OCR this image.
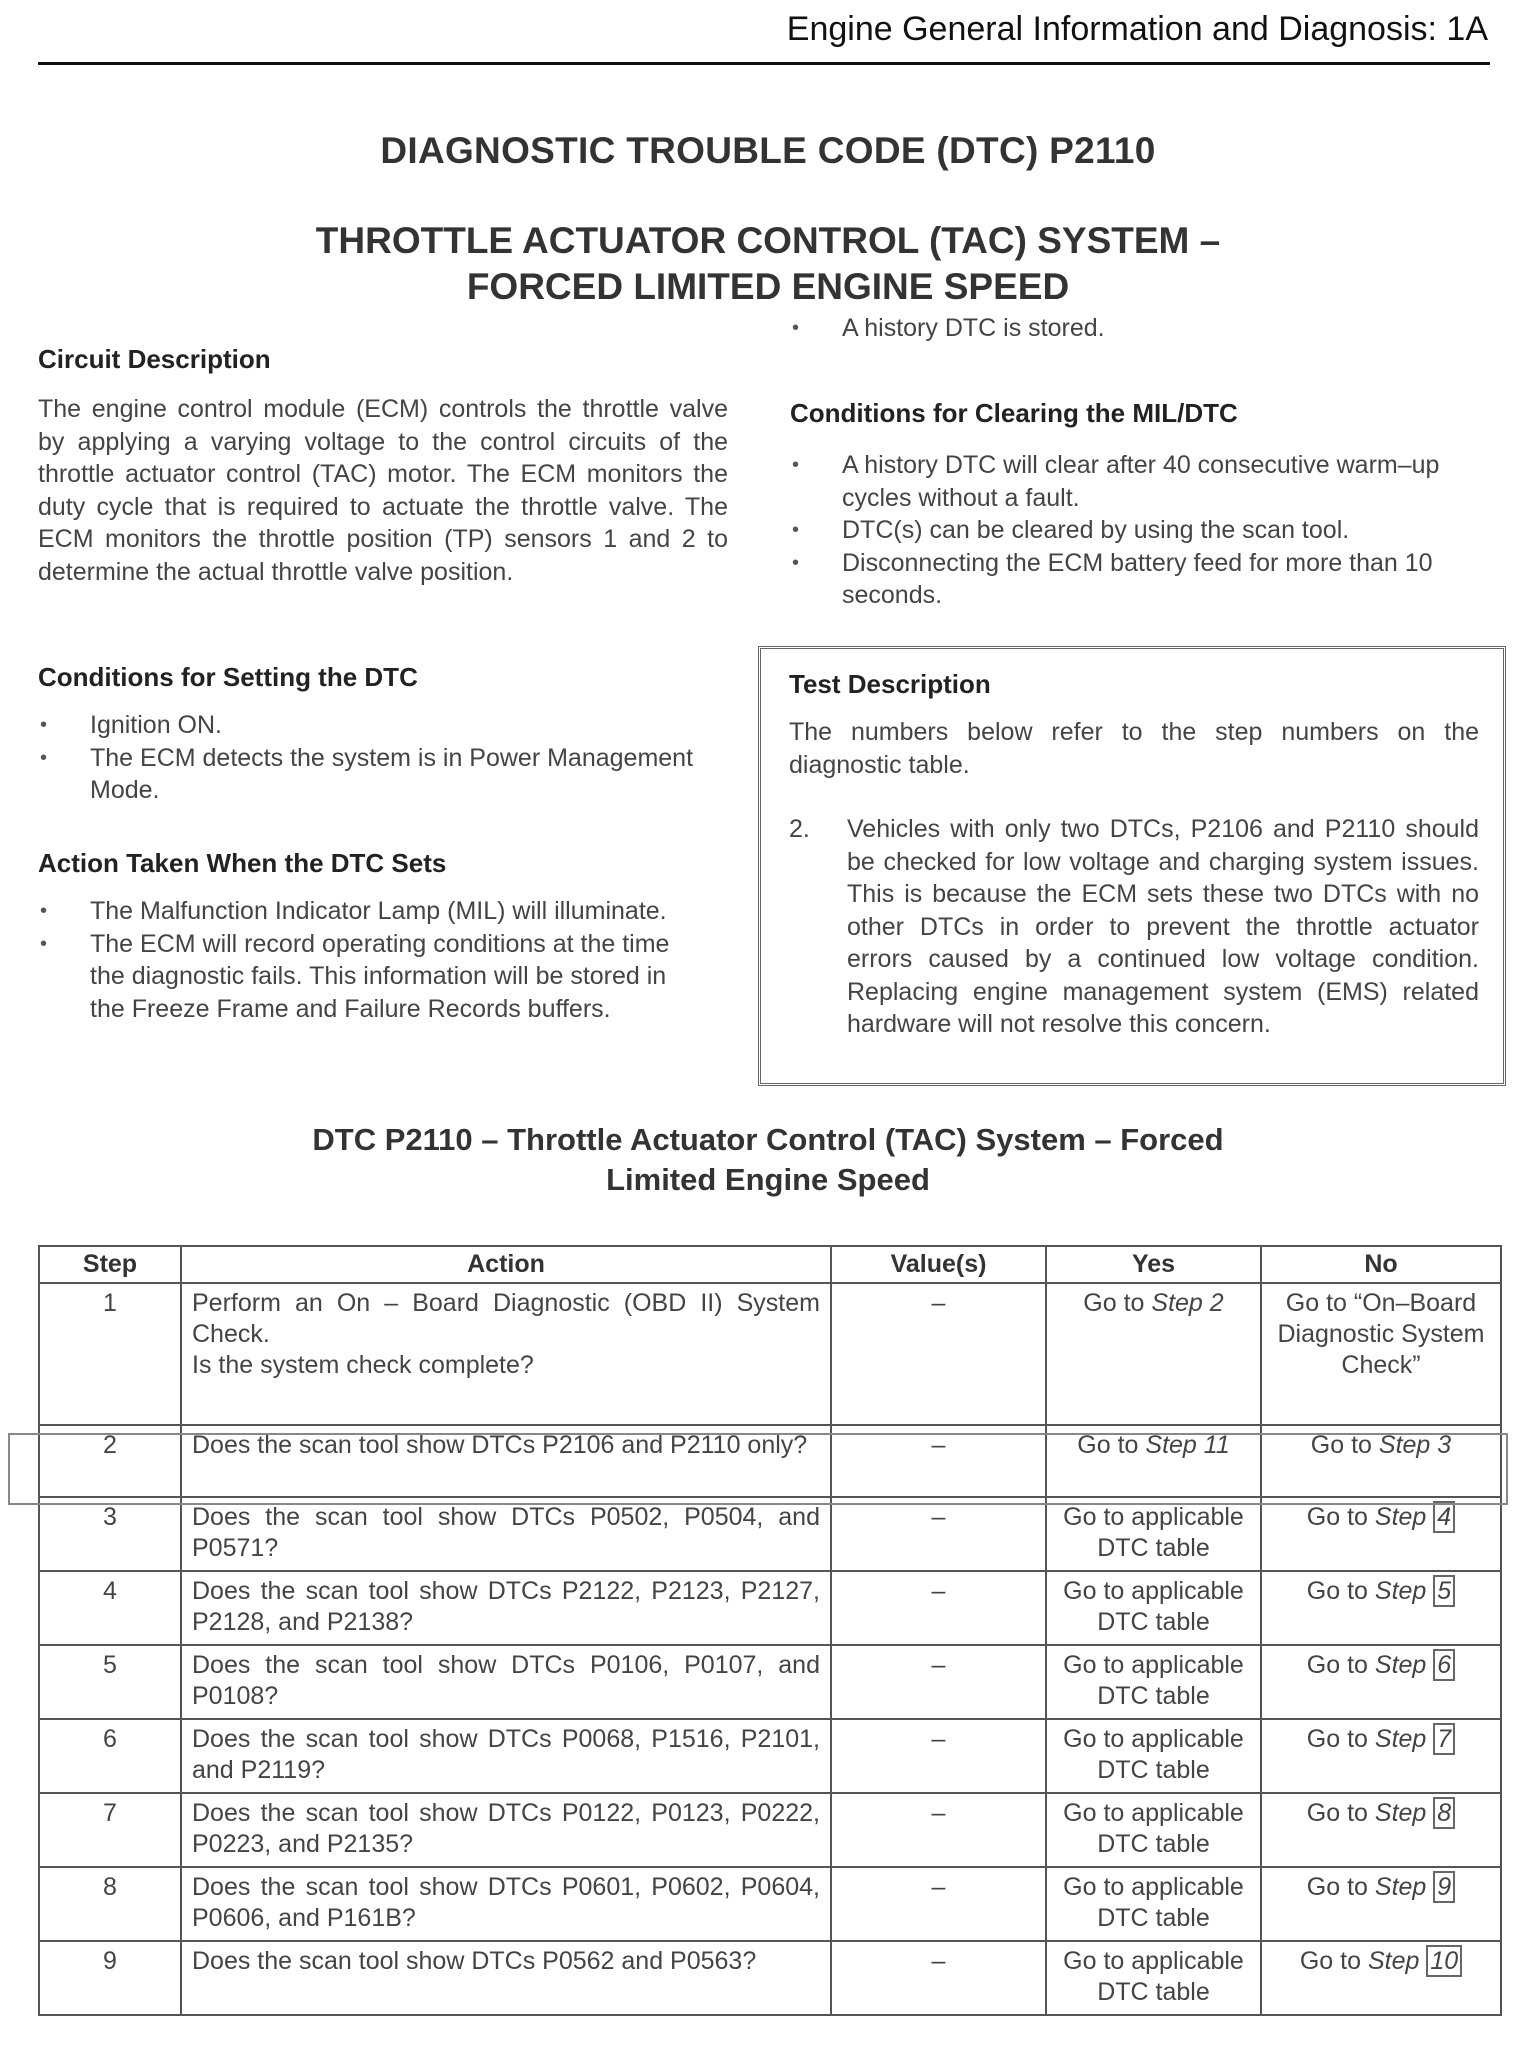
Engine General Information and Diagnosis: 1A
DIAGNOSTIC TROUBLE CODE (DTC) P2110
THROTTLE ACTUATOR CONTROL (TAC) SYSTEM –
FORCED LIMITED ENGINE SPEED
Circuit Description

The engine control module (ECM) controls the throttle valve by applying a varying voltage to the control circuits of the throttle actuator control (TAC) motor. The ECM monitors the duty cycle that is required to actuate the throttle valve. The ECM monitors the throttle position (TP) sensors 1 and 2 to determine the actual throttle valve position.

Conditions for Setting the DTC
• Ignition ON.
• The ECM detects the system is in Power Management Mode.
Action Taken When the DTC Sets
• The Malfunction Indicator Lamp (MIL) will illuminate.
• The ECM will record operating conditions at the time the diagnostic fails. This information will be stored in the Freeze Frame and Failure Records buffers.
• A history DTC is stored.
Conditions for Clearing the MIL/DTC
• A history DTC will clear after 40 consecutive warm–up cycles without a fault.
• DTC(s) can be cleared by using the scan tool.
• Disconnecting the ECM battery feed for more than 10 seconds.
Test Description

The numbers below refer to the step numbers on the diagnostic table.

2. Vehicles with only two DTCs, P2106 and P2110 should be checked for low voltage and charging system issues. This is because the ECM sets these two DTCs with no other DTCs in order to prevent the throttle actuator errors caused by a continued low voltage condition. Replacing engine management system (EMS) related hardware will not resolve this concern.
DTC P2110 – Throttle Actuator Control (TAC) System – Forced
Limited Engine Speed
Step	Action	Value(s)	Yes	No
1	Perform an On – Board Diagnostic (OBD II) System Check.
Is the system check complete?	–	Go to Step 2	Go to “On–Board Diagnostic System Check”
2	Does the scan tool show DTCs P2106 and P2110 only?	–	Go to Step 11	Go to Step 3
3	Does the scan tool show DTCs P0502, P0504, and P0571?	–	Go to applicable DTC table	Go to Step 4
4	Does the scan tool show DTCs P2122, P2123, P2127, P2128, and P2138?	–	Go to applicable DTC table	Go to Step 5
5	Does the scan tool show DTCs P0106, P0107, and P0108?	–	Go to applicable DTC table	Go to Step 6
6	Does the scan tool show DTCs P0068, P1516, P2101, and P2119?	–	Go to applicable DTC table	Go to Step 7
7	Does the scan tool show DTCs P0122, P0123, P0222, P0223, and P2135?	–	Go to applicable DTC table	Go to Step 8
8	Does the scan tool show DTCs P0601, P0602, P0604, P0606, and P161B?	–	Go to applicable DTC table	Go to Step 9
9	Does the scan tool show DTCs P0562 and P0563?	–	Go to applicable DTC table	Go to Step 10
